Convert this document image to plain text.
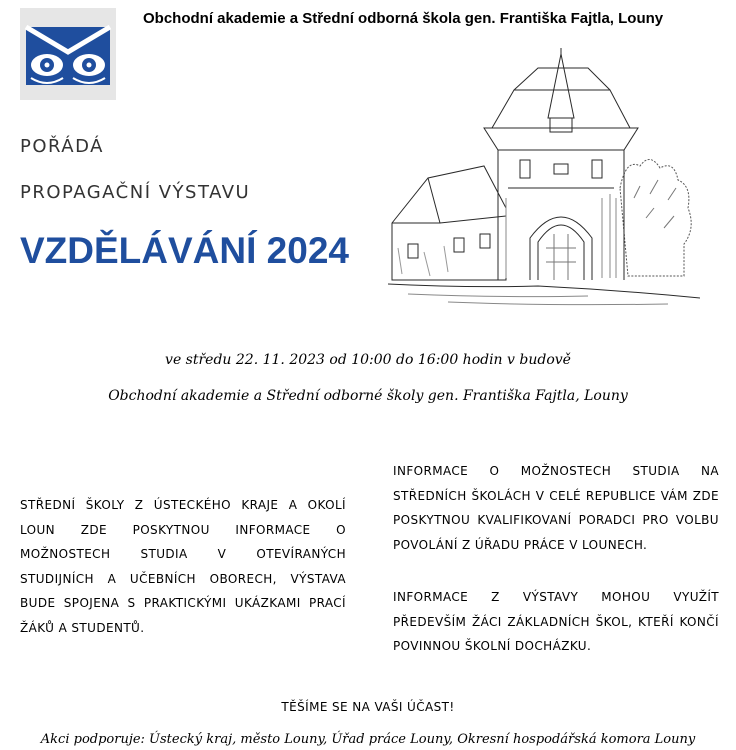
Obchodní akademie a Střední odborná škola gen. Františka Fajtla, Louny
POŘÁDÁ
PROPAGAČNÍ VÝSTAVU
VZDĚLÁVÁNÍ 2024
ve středu 22. 11. 2023 od 10:00 do 16:00 hodin v budově
Obchodní akademie a Střední odborné školy gen. Františka Fajtla, Louny
STŘEDNÍ ŠKOLY Z ÚSTECKÉHO KRAJE A OKOLÍ LOUN ZDE POSKYTNOU INFORMACE O MOŽNOSTECH STUDIA V OTEVÍRANÝCH STUDIJNÍCH A UČEBNÍCH OBORECH, VÝSTAVA BUDE SPOJENA S PRAKTICKÝMI UKÁZKAMI PRACÍ ŽÁKŮ A STUDENTŮ.
INFORMACE O MOŽNOSTECH STUDIA NA STŘEDNÍCH ŠKOLÁCH V CELÉ REPUBLICE VÁM ZDE POSKYTNOU KVALIFIKOVANÍ PORADCI PRO VOLBU POVOLÁNÍ Z ÚŘADU PRÁCE V LOUNECH.
INFORMACE Z VÝSTAVY MOHOU VYUŽÍT PŘEDEVŠÍM ŽÁCI ZÁKLADNÍCH ŠKOL, KTEŘÍ KONČÍ POVINNOU ŠKOLNÍ DOCHÁZKU.
TĚŠÍME SE NA VAŠI ÚČAST!
Akci podporuje: Ústecký kraj, město Louny, Úřad práce Louny, Okresní hospodářská komora Louny
